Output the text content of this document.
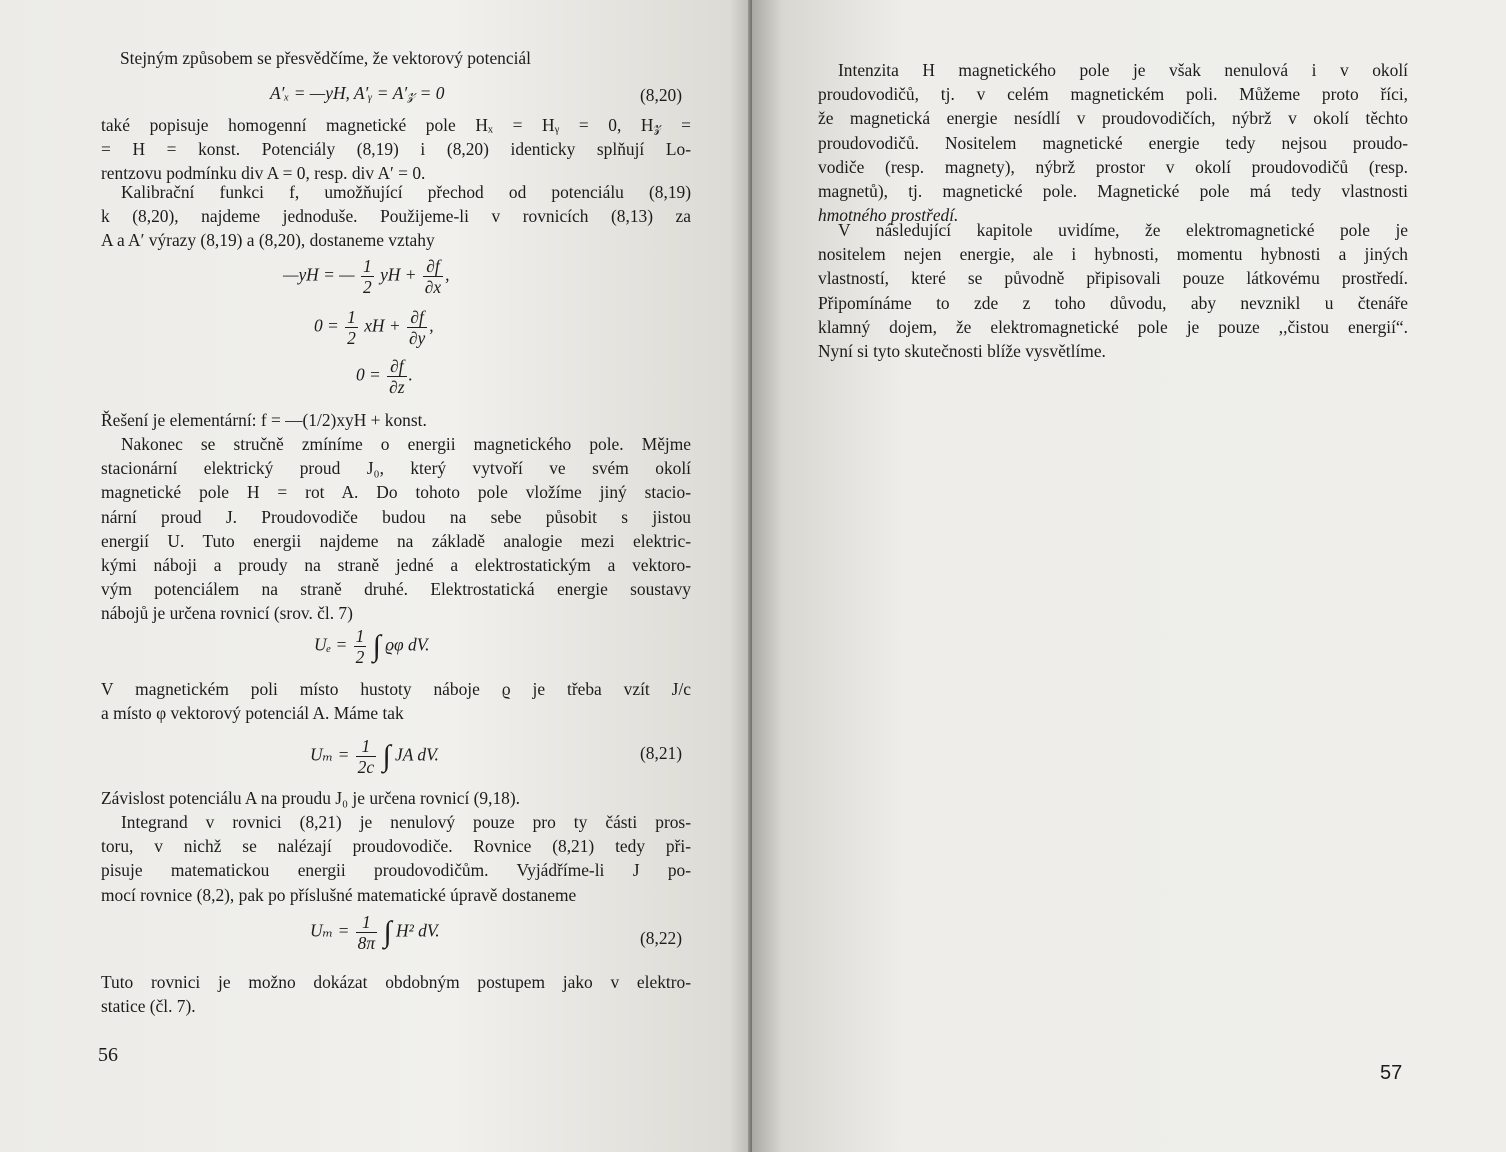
Stejným způsobem se přesvědčíme, že vektorový potenciál
A′ₓ = —yH, A′ᵧ = A′𝓏 = 0	(8,20)
také popisuje homogenní magnetické pole Hₓ = Hᵧ = 0, H𝓏 =
= H = konst. Potenciály (8,19) i (8,20) identicky splňují Lo-
rentzovu podmínku div A = 0, resp. div A′ = 0.
Kalibrační funkci f, umožňující přechod od potenciálu (8,19)
k (8,20), najdeme jednoduše. Použijeme-li v rovnicích (8,13) za
A a A′ výrazy (8,19) a (8,20), dostaneme vztahy
—yH = — $\frac{1}{2}$ yH + $\frac{\partial f}{\partial x}$ ,
$0 = \frac{1}{2}$ xH + $\frac{\partial f}{\partial y}$ ,
$0 = \frac{\partial f}{\partial z}$ .
Řešení je elementární: f = —(1/2)xyH + konst.
Nakonec se stručně zmíníme o energii magnetického pole. Mějme
stacionární elektrický proud J₀, který vytvoří ve svém okolí
magnetické pole H = rot A. Do tohoto pole vložíme jiný stacio-
nární proud J. Proudovodiče budou na sebe působit s jistou
energií U. Tuto energii najdeme na základě analogie mezi elektric-
kými náboji a proudy na straně jedné a elektrostatickým a vektoro-
vým potenciálem na straně druhé. Elektrostatická energie soustavy
nábojů je určena rovnicí (srov. čl. 7)
$U_e = \frac{1}{2}$ ∫ ϱφ dV.
V magnetickém poli místo hustoty náboje ϱ je třeba vzít J/c
a místo φ vektorový potenciál A. Máme tak
$U_m = \frac{1}{2c}$ ∫ JA dV.	(8,21)
Závislost potenciálu A na proudu J₀ je určena rovnicí (9,18).
Integrand v rovnici (8,21) je nenulový pouze pro ty části pros-
toru, v nichž se nalézají proudovodiče. Rovnice (8,21) tedy při-
pisuje matematickou energii proudovodičům. Vyjádříme-li J po-
mocí rovnice (8,2), pak po příslušné matematické úpravě dostaneme
$U_m = \frac{1}{8\pi}$ ∫ H² dV.	(8,22)
Tuto rovnici je možno dokázat obdobným postupem jako v elektro-
statice (čl. 7).
56
Intenzita H magnetického pole je však nenulová i v okolí
proudovodičů, tj. v celém magnetickém poli. Můžeme proto říci,
že magnetická energie nesídlí v proudovodičích, nýbrž v okolí těchto
proudovodičů. Nositelem magnetické energie tedy nejsou proudo-
vodiče (resp. magnety), nýbrž prostor v okolí proudovodičů (resp.
magnetů), tj. magnetické pole. Magnetické pole má tedy vlastnosti
hmotného prostředí.
V následující kapitole uvidíme, že elektromagnetické pole je
nositelem nejen energie, ale i hybnosti, momentu hybnosti a jiných
vlastností, které se původně připisovali pouze látkovému prostředí.
Připomínáme to zde z toho důvodu, aby nevznikl u čtenáře
klamný dojem, že elektromagnetické pole je pouze ,,čistou energií“.
Nyní si tyto skutečnosti blíže vysvětlíme.
57
